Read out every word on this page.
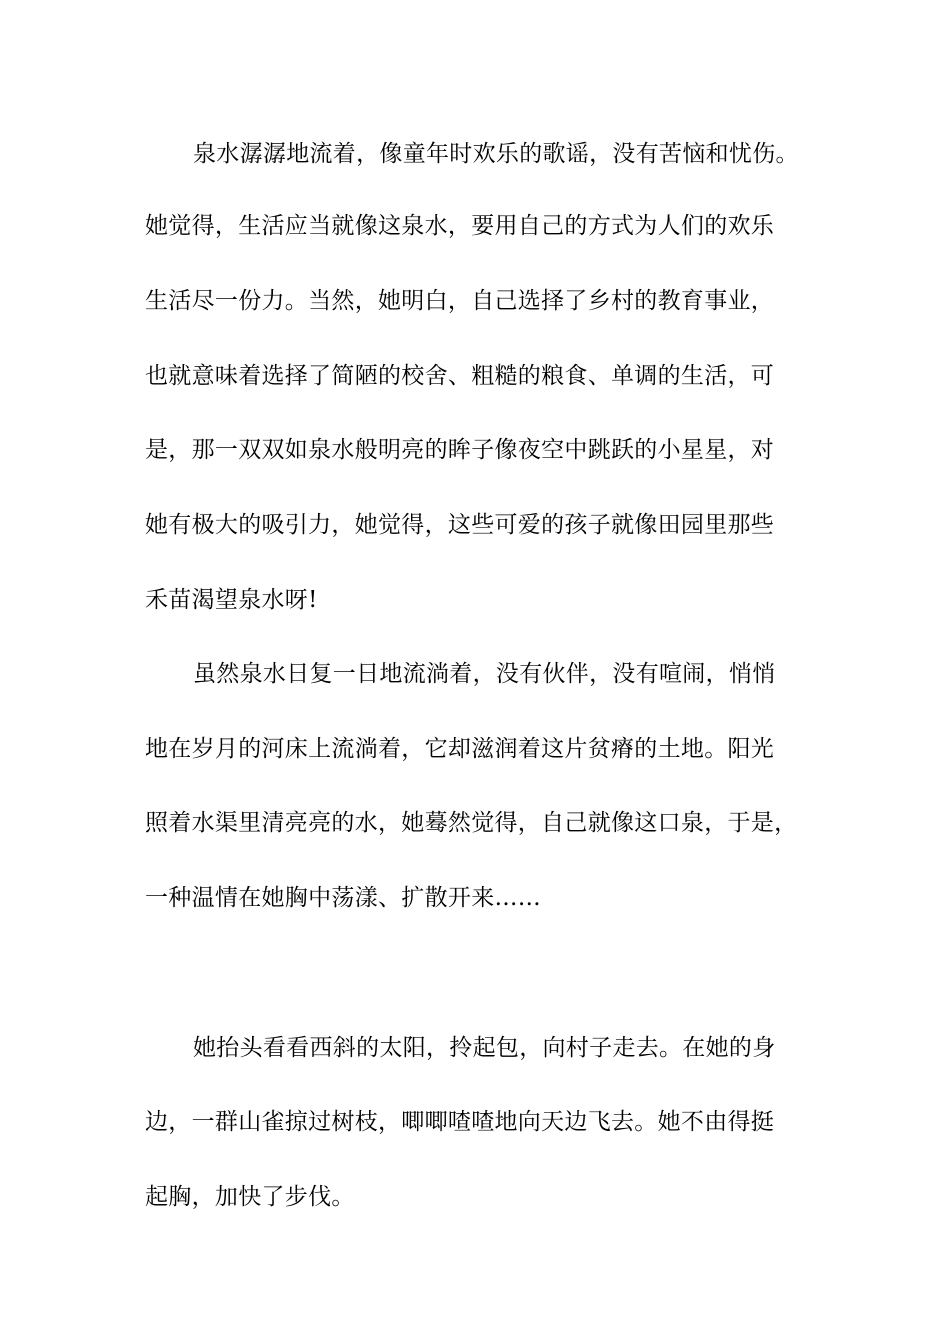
泉水潺潺地流着，像童年时欢乐的歌谣，没有苦恼和忧伤。

她觉得，生活应当就像这泉水，要用自己的方式为人们的欢乐

生活尽一份力。当然，她明白，自己选择了乡村的教育事业，

也就意味着选择了简陋的校舍、粗糙的粮食、单调的生活，可

是，那一双双如泉水般明亮的眸子像夜空中跳跃的小星星，对

她有极大的吸引力，她觉得，这些可爱的孩子就像田园里那些

禾苗渴望泉水呀!

虽然泉水日复一日地流淌着，没有伙伴，没有喧闹，悄悄

地在岁月的河床上流淌着，它却滋润着这片贫瘠的土地。阳光

照着水渠里清亮亮的水，她蓦然觉得，自己就像这口泉，于是，

一种温情在她胸中荡漾、扩散开来……

她抬头看看西斜的太阳，拎起包，向村子走去。在她的身

边，一群山雀掠过树枝，唧唧喳喳地向天边飞去。她不由得挺

起胸，加快了步伐。
